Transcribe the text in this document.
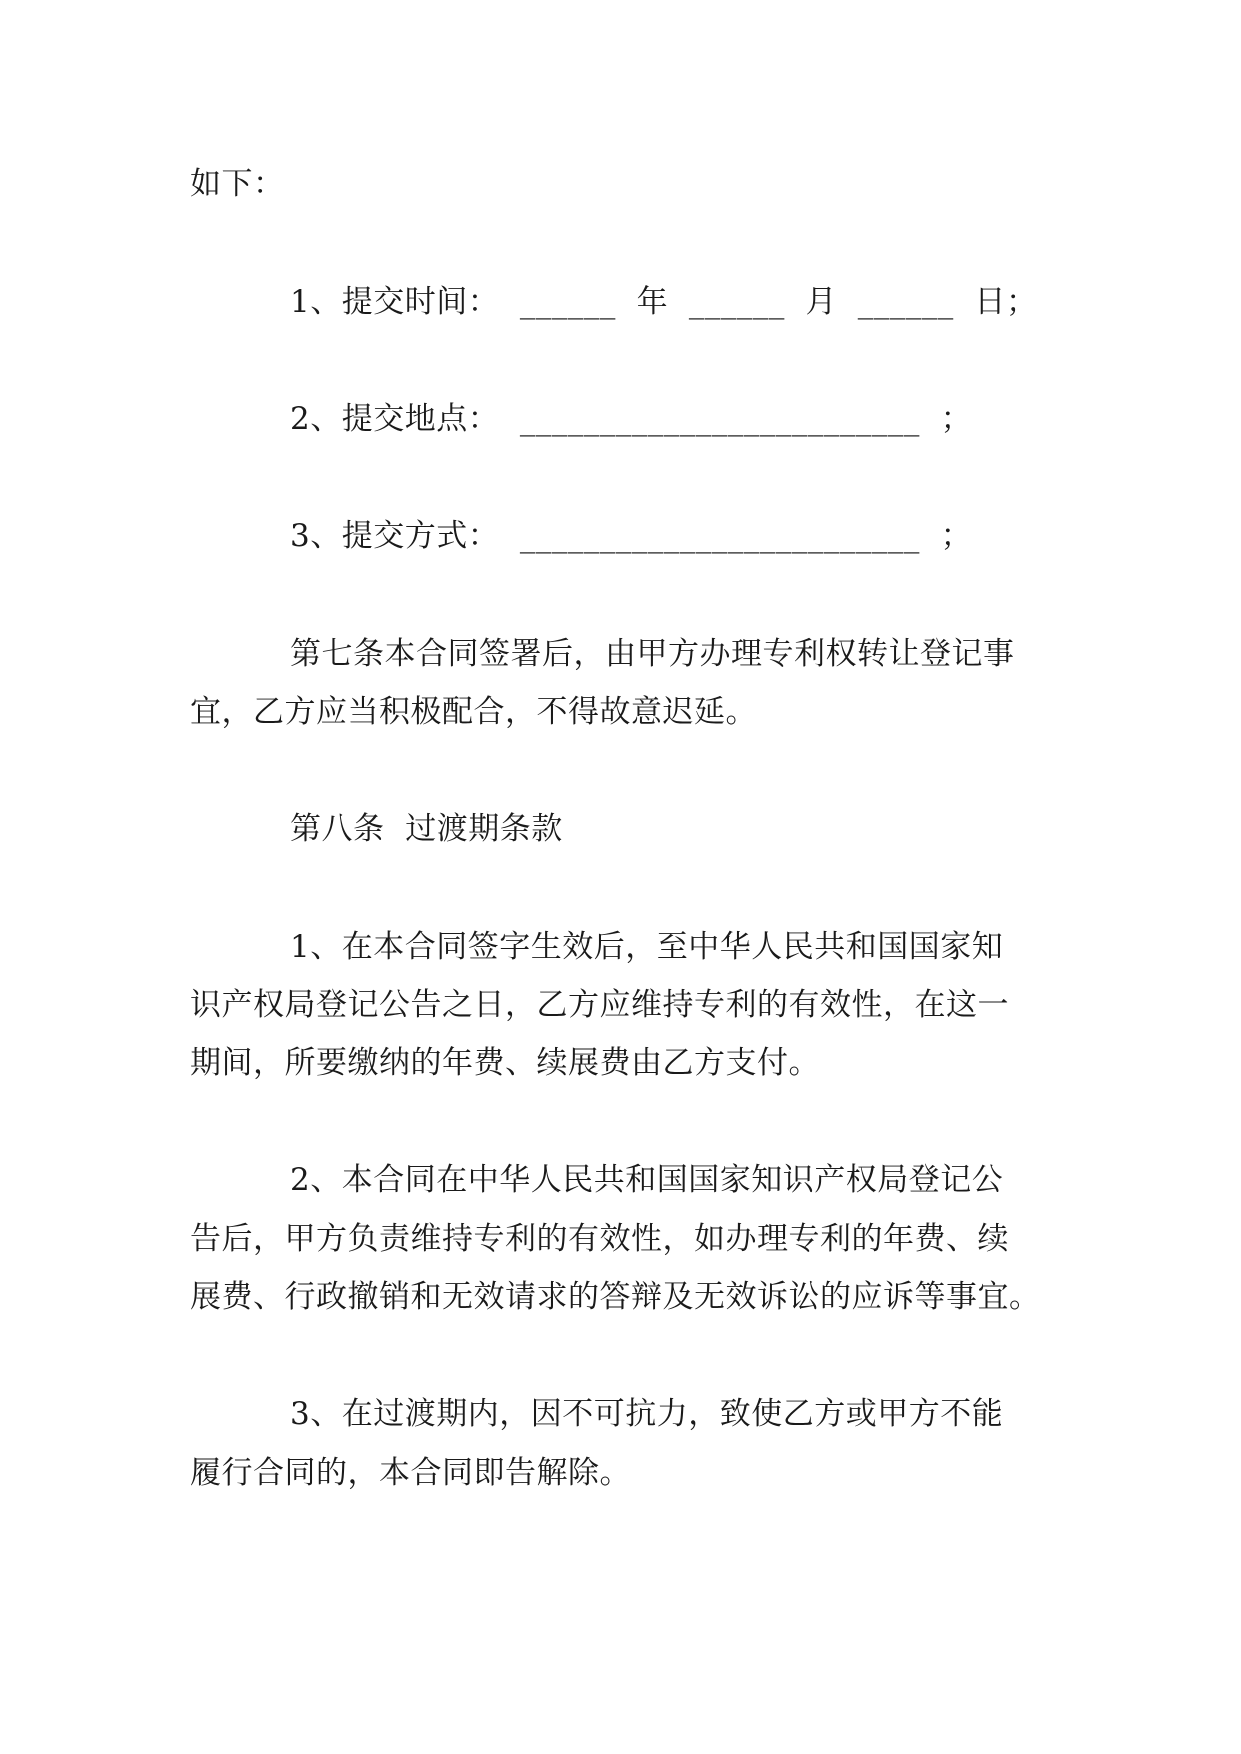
如下：
1、提交时间：  ______  年  ______  月  ______  日；
2、提交地点：  _________________________  ；
3、提交方式：  _________________________  ；
第七条本合同签署后，由甲方办理专利权转让登记事
宜，乙方应当积极配合，不得故意迟延。
第八条  过渡期条款
1、在本合同签字生效后，至中华人民共和国国家知
识产权局登记公告之日，乙方应维持专利的有效性，在这一
期间，所要缴纳的年费、续展费由乙方支付。
2、本合同在中华人民共和国国家知识产权局登记公
告后，甲方负责维持专利的有效性，如办理专利的年费、续
展费、行政撤销和无效请求的答辩及无效诉讼的应诉等事宜。
3、在过渡期内，因不可抗力，致使乙方或甲方不能
履行合同的，本合同即告解除。
